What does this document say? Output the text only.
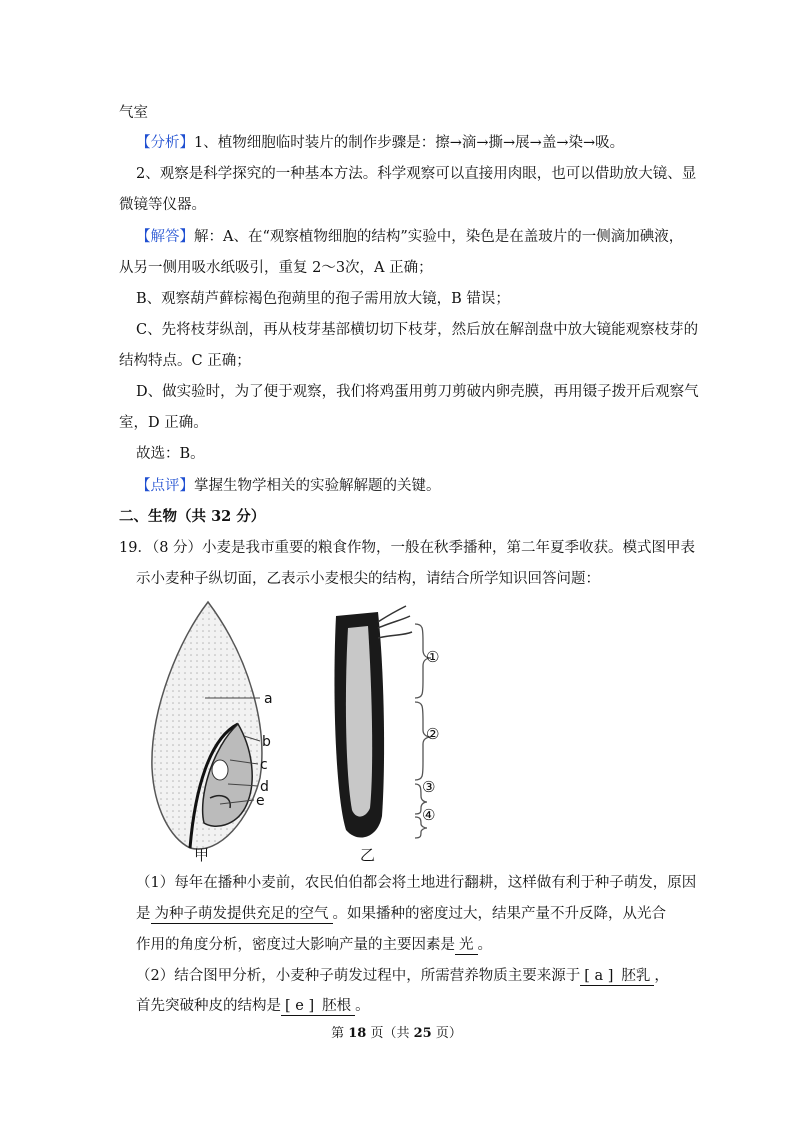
气室
【分析】1、植物细胞临时装片的制作步骤是：擦→滴→撕→展→盖→染→吸。
2、观察是科学探究的一种基本方法。科学观察可以直接用肉眼，也可以借助放大镜、显
微镜等仪器。
【解答】解：A、在“观察植物细胞的结构”实验中，染色是在盖玻片的一侧滴加碘液，
从另一侧用吸水纸吸引，重复 2～3次，A 正确；
B、观察葫芦藓棕褐色孢蒴里的孢子需用放大镜，B 错误；
C、先将枝芽纵剖，再从枝芽基部横切切下枝芽，然后放在解剖盘中放大镜能观察枝芽的
结构特点。C 正确；
D、做实验时，为了便于观察，我们将鸡蛋用剪刀剪破内卵壳膜，再用镊子拨开后观察气
室，D 正确。
故选：B。
【点评】掌握生物学相关的实验解解题的关键。
二、生物（共 32 分）
19．（8 分）小麦是我市重要的粮食作物，一般在秋季播种，第二年夏季收获。模式图甲表
示小麦种子纵切面，乙表示小麦根尖的结构，请结合所学知识回答问题：
a
b
c
d
e
①
②
③
④
甲	乙
（1）每年在播种小麦前，农民伯伯都会将土地进行翻耕，这样做有利于种子萌发，原因
是 为种子萌发提供充足的空气 。如果播种的密度过大，结果产量不升反降，从光合
作用的角度分析，密度过大影响产量的主要因素是 光 。
（2）结合图甲分析，小麦种子萌发过程中，所需营养物质主要来源于 [ a ] 胚乳 ，
首先突破种皮的结构是 [ e ] 胚根 。
第 18 页（共 25 页）
